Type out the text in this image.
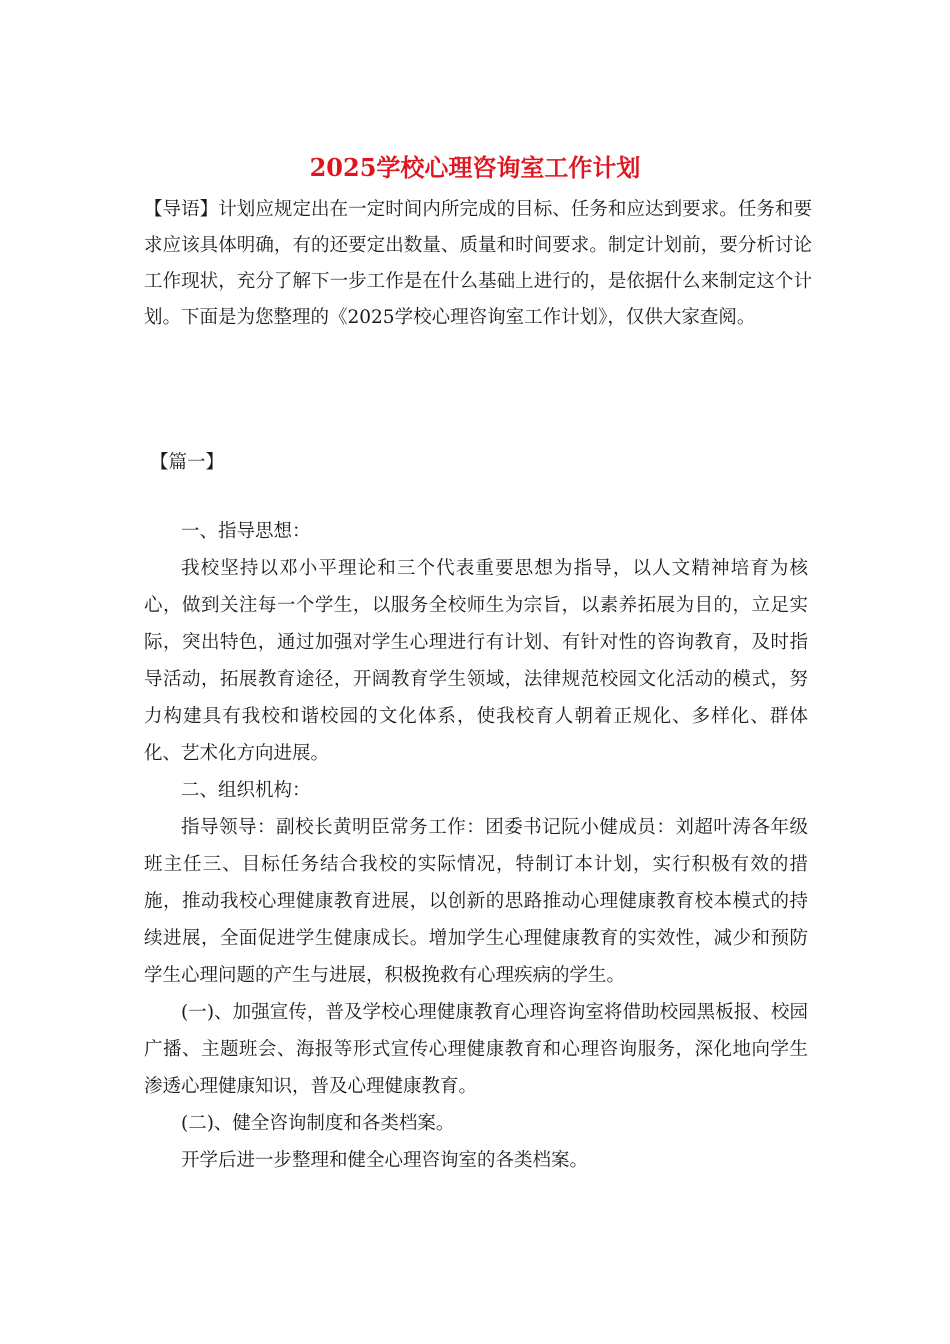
2025学校心理咨询室工作计划

【导语】计划应规定出在一定时间内所完成的目标、任务和应达到要求。任务和要求应该具体明确，有的还要定出数量、质量和时间要求。制定计划前，要分析讨论工作现状，充分了解下一步工作是在什么基础上进行的，是依据什么来制定这个计划。下面是为您整理的《2025学校心理咨询室工作计划》，仅供大家查阅。

【篇一】

一、指导思想：

我校坚持以邓小平理论和三个代表重要思想为指导，以人文精神培育为核心，做到关注每一个学生，以服务全校师生为宗旨，以素养拓展为目的，立足实际，突出特色，通过加强对学生心理进行有计划、有针对性的咨询教育，及时指导活动，拓展教育途径，开阔教育学生领域，法律规范校园文化活动的模式，努力构建具有我校和谐校园的文化体系，使我校育人朝着正规化、多样化、群体化、艺术化方向进展。

二、组织机构：

指导领导：副校长黄明臣常务工作：团委书记阮小健成员：刘超叶涛各年级班主任三、目标任务结合我校的实际情况，特制订本计划，实行积极有效的措施，推动我校心理健康教育进展，以创新的思路推动心理健康教育校本模式的持续进展，全面促进学生健康成长。增加学生心理健康教育的实效性，减少和预防学生心理问题的产生与进展，积极挽救有心理疾病的学生。

(一)、加强宣传，普及学校心理健康教育心理咨询室将借助校园黑板报、校园广播、主题班会、海报等形式宣传心理健康教育和心理咨询服务，深化地向学生渗透心理健康知识，普及心理健康教育。

(二)、健全咨询制度和各类档案。

开学后进一步整理和健全心理咨询室的各类档案。
